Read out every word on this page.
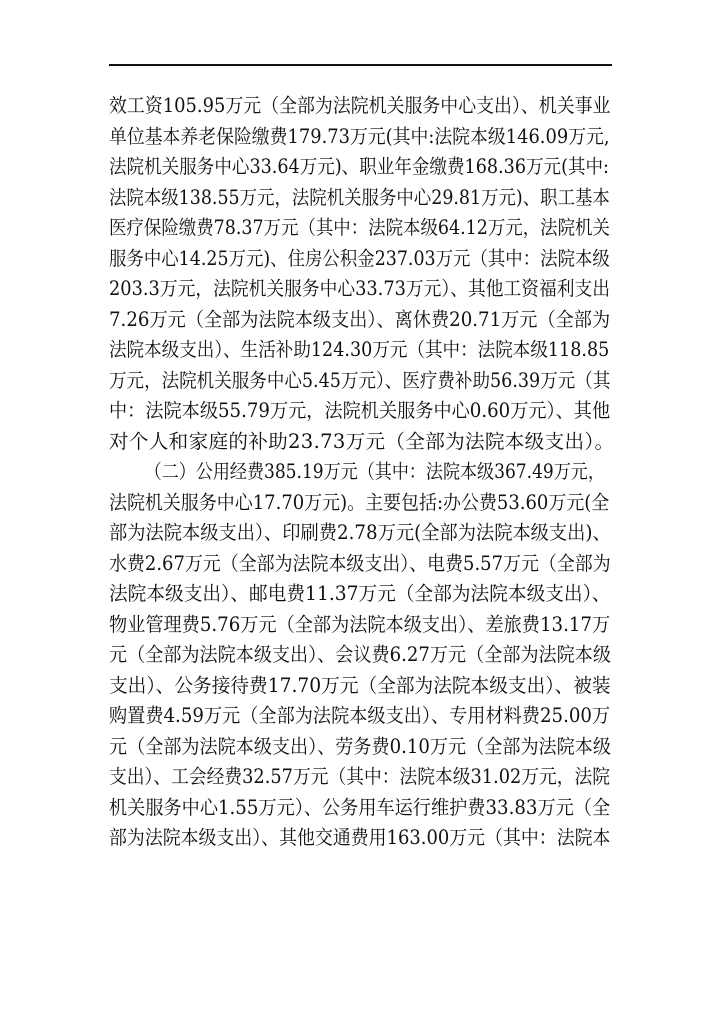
效工资105.95万元（全部为法院机关服务中心支出）、机关事业
单位基本养老保险缴费179.73万元(其中:法院本级146.09万元,
法院机关服务中心33.64万元)、职业年金缴费168.36万元(其中:
法院本级138.55万元，法院机关服务中心29.81万元)、职工基本
医疗保险缴费78.37万元（其中：法院本级64.12万元，法院机关
服务中心14.25万元)、住房公积金237.03万元（其中：法院本级
203.3万元，法院机关服务中心33.73万元）、其他工资福利支出
7.26万元（全部为法院本级支出）、离休费20.71万元（全部为
法院本级支出）、生活补助124.30万元（其中：法院本级118.85
万元，法院机关服务中心5.45万元）、医疗费补助56.39万元（其
中：法院本级55.79万元，法院机关服务中心0.60万元）、其他
对个人和家庭的补助23.73万元（全部为法院本级支出）。
（二）公用经费385.19万元（其中：法院本级367.49万元，
法院机关服务中心17.70万元)。主要包括:办公费53.60万元(全
部为法院本级支出）、印刷费2.78万元(全部为法院本级支出)、
水费2.67万元（全部为法院本级支出）、电费5.57万元（全部为
法院本级支出）、邮电费11.37万元（全部为法院本级支出）、
物业管理费5.76万元（全部为法院本级支出）、差旅费13.17万
元（全部为法院本级支出）、会议费6.27万元（全部为法院本级
支出）、公务接待费17.70万元（全部为法院本级支出）、被装
购置费4.59万元（全部为法院本级支出）、专用材料费25.00万
元（全部为法院本级支出）、劳务费0.10万元（全部为法院本级
支出）、工会经费32.57万元（其中：法院本级31.02万元，法院
机关服务中心1.55万元）、公务用车运行维护费33.83万元（全
部为法院本级支出）、其他交通费用163.00万元（其中：法院本
